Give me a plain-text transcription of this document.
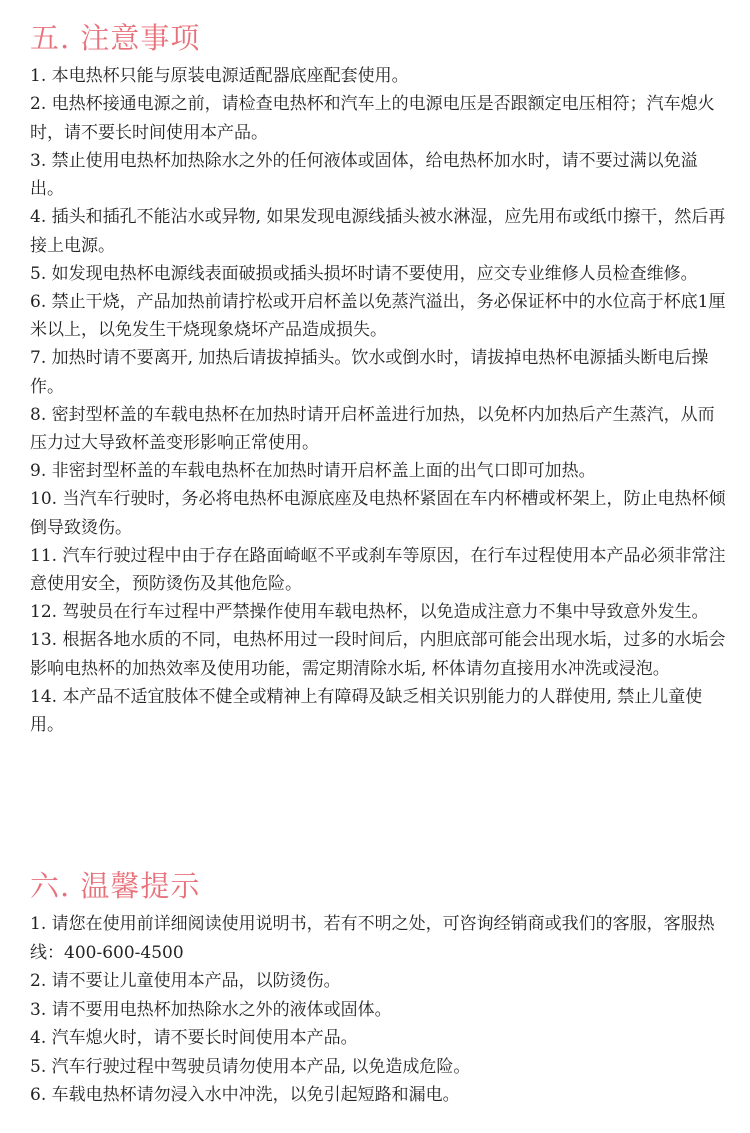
五. 注意事项

1. 本电热杯只能与原装电源适配器底座配套使用。

2. 电热杯接通电源之前，请检查电热杯和汽车上的电源电压是否跟额定电压相符；汽车熄火时，请不要长时间使用本产品。

3. 禁止使用电热杯加热除水之外的任何液体或固体，给电热杯加水时，请不要过满以免溢出。

4. 插头和插孔不能沾水或异物, 如果发现电源线插头被水淋湿，应先用布或纸巾擦干，然后再接上电源。

5. 如发现电热杯电源线表面破损或插头损坏时请不要使用，应交专业维修人员检查维修。

6. 禁止干烧，产品加热前请拧松或开启杯盖以免蒸汽溢出，务必保证杯中的水位高于杯底1厘米以上，以免发生干烧现象烧坏产品造成损失。

7. 加热时请不要离开, 加热后请拔掉插头。饮水或倒水时，请拔掉电热杯电源插头断电后操作。

8. 密封型杯盖的车载电热杯在加热时请开启杯盖进行加热，以免杯内加热后产生蒸汽，从而压力过大导致杯盖变形影响正常使用。

9. 非密封型杯盖的车载电热杯在加热时请开启杯盖上面的出气口即可加热。

10. 当汽车行驶时，务必将电热杯电源底座及电热杯紧固在车内杯槽或杯架上，防止电热杯倾倒导致烫伤。

11. 汽车行驶过程中由于存在路面崎岖不平或刹车等原因，在行车过程使用本产品必须非常注意使用安全，预防烫伤及其他危险。

12. 驾驶员在行车过程中严禁操作使用车载电热杯，以免造成注意力不集中导致意外发生。

13. 根据各地水质的不同，电热杯用过一段时间后，内胆底部可能会出现水垢，过多的水垢会影响电热杯的加热效率及使用功能，需定期清除水垢, 杯体请勿直接用水冲洗或浸泡。

14. 本产品不适宜肢体不健全或精神上有障碍及缺乏相关识别能力的人群使用, 禁止儿童使用。

六. 温馨提示

1. 请您在使用前详细阅读使用说明书，若有不明之处，可咨询经销商或我们的客服，客服热线：400-600-4500

2. 请不要让儿童使用本产品，以防烫伤。

3. 请不要用电热杯加热除水之外的液体或固体。

4. 汽车熄火时，请不要长时间使用本产品。

5. 汽车行驶过程中驾驶员请勿使用本产品, 以免造成危险。

6. 车载电热杯请勿浸入水中冲洗，以免引起短路和漏电。
